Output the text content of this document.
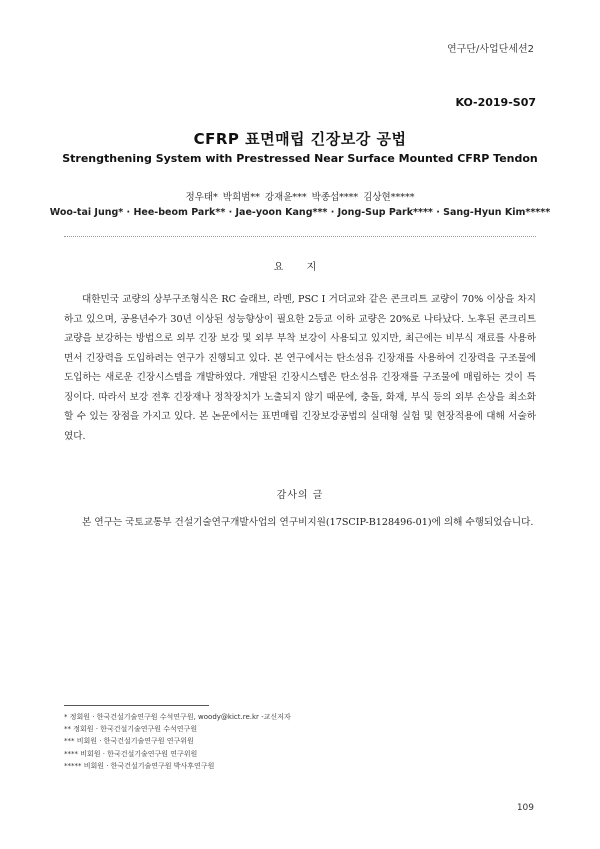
연구단/사업단세션2
KO-2019-S07
CFRP 표면매립 긴장보강 공법
Strengthening System with Prestressed Near Surface Mounted CFRP Tendon
정우태* 박희범** 강재윤*** 박종섭**** 김상현*****
Woo-tai Jung* · Hee-beom Park** · Jae-yoon Kang*** · Jong-Sup Park**** · Sang-Hyun Kim*****
요 지

대한민국 교량의 상부구조형식은 RC 슬래브, 라멘, PSC I 거더교와 같은 콘크리트 교량이 70% 이상을 차지하고 있으며, 공용년수가 30년 이상된 성능향상이 필요한 2등교 이하 교량은 20%로 나타났다. 노후된 콘크리트 교량을 보강하는 방법으로 외부 긴장 보강 및 외부 부착 보강이 사용되고 있지만, 최근에는 비부식 재료를 사용하면서 긴장력을 도입하려는 연구가 진행되고 있다. 본 연구에서는 탄소섬유 긴장재를 사용하여 긴장력을 구조물에 도입하는 새로운 긴장시스템을 개발하였다. 개발된 긴장시스템은 탄소섬유 긴장재를 구조물에 매립하는 것이 특징이다. 따라서 보강 전후 긴장재나 정착장치가 노출되지 않기 때문에, 충돌, 화재, 부식 등의 외부 손상을 최소화 할 수 있는 장점을 가지고 있다. 본 논문에서는 표면매립 긴장보강공법의 실대형 실험 및 현장적용에 대해 서술하였다.

감사의 글

본 연구는 국토교통부 건설기술연구개발사업의 연구비지원(17SCIP-B128496-01)에 의해 수행되었습니다.

* 정회원 · 한국건설기술연구원 수석연구원, woody@kict.re.kr -교신저자
** 정회원 · 한국건설기술연구원 수석연구원
*** 비회원 · 한국건설기술연구원 연구위원
**** 비회원 · 한국건설기술연구원 연구위원
***** 비회원 · 한국건설기술연구원 박사후연구원
109
